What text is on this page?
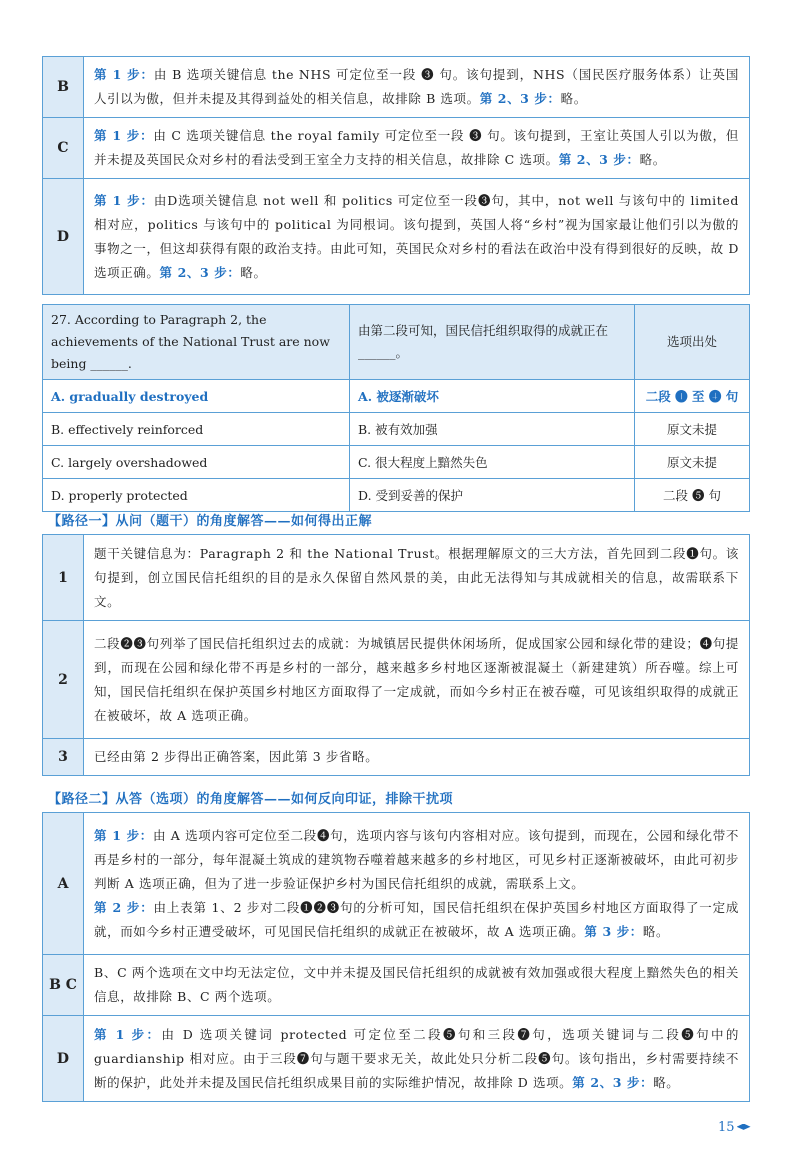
B	第 1 步：由 B 选项关键信息 the NHS 可定位至一段 ❸ 句。该句提到，NHS（国民医疗服务体系）让英国人引以为傲，但并未提及其得到益处的相关信息，故排除 B 选项。第 2、3 步：略。
C	第 1 步：由 C 选项关键信息 the royal family 可定位至一段 ❸ 句。该句提到，王室让英国人引以为傲，但并未提及英国民众对乡村的看法受到王室全力支持的相关信息，故排除 C 选项。第 2、3 步：略。
D	第 1 步：由D选项关键信息 not well 和 politics 可定位至一段❸句，其中，not well 与该句中的 limited 相对应，politics 与该句中的 political 为同根词。该句提到，英国人将“乡村”视为国家最让他们引以为傲的事物之一，但这却获得有限的政治支持。由此可知，英国民众对乡村的看法在政治中没有得到很好的反映，故 D 选项正确。第 2、3 步：略。
27. According to Paragraph 2, the achievements of the National Trust are now being ______.	由第二段可知，国民信托组织取得的成就正在______。	选项出处
A. gradually destroyed	A. 被逐渐破坏	二段 ❶ 至 ❹ 句
B. effectively reinforced	B. 被有效加强	原文未提
C. largely overshadowed	C. 很大程度上黯然失色	原文未提
D. properly protected	D. 受到妥善的保护	二段 ❺ 句
【路径一】从问（题干）的角度解答——如何得出正解
1	题干关键信息为：Paragraph 2 和 the National Trust。根据理解原文的三大方法，首先回到二段❶句。该句提到，创立国民信托组织的目的是永久保留自然风景的美，由此无法得知与其成就相关的信息，故需联系下文。
2	二段❷❸句列举了国民信托组织过去的成就：为城镇居民提供休闲场所，促成国家公园和绿化带的建设；❹句提到，而现在公园和绿化带不再是乡村的一部分，越来越多乡村地区逐渐被混凝土（新建建筑）所吞噬。综上可知，国民信托组织在保护英国乡村地区方面取得了一定成就，而如今乡村正在被吞噬，可见该组织取得的成就正在被破坏，故 A 选项正确。
3	已经由第 2 步得出正确答案，因此第 3 步省略。
【路径二】从答（选项）的角度解答——如何反向印证，排除干扰项
A	第 1 步：由 A 选项内容可定位至二段❹句，选项内容与该句内容相对应。该句提到，而现在，公园和绿化带不再是乡村的一部分，每年混凝土筑成的建筑物吞噬着越来越多的乡村地区，可见乡村正逐渐被破坏，由此可初步判断 A 选项正确，但为了进一步验证保护乡村为国民信托组织的成就，需联系上文。
第 2 步：由上表第 1、2 步对二段❶❷❸句的分析可知，国民信托组织在保护英国乡村地区方面取得了一定成就，而如今乡村正遭受破坏，可见国民信托组织的成就正在被破坏，故 A 选项正确。第 3 步：略。
B C	B、C 两个选项在文中均无法定位，文中并未提及国民信托组织的成就被有效加强或很大程度上黯然失色的相关信息，故排除 B、C 两个选项。
D	第 1 步：由 D 选项关键词 protected 可定位至二段❺句和三段❼句，选项关键词与二段❺句中的 guardianship 相对应。由于三段❼句与题干要求无关，故此处只分析二段❺句。该句指出，乡村需要持续不断的保护，此处并未提及国民信托组织成果目前的实际维护情况，故排除 D 选项。第 2、3 步：略。
15
